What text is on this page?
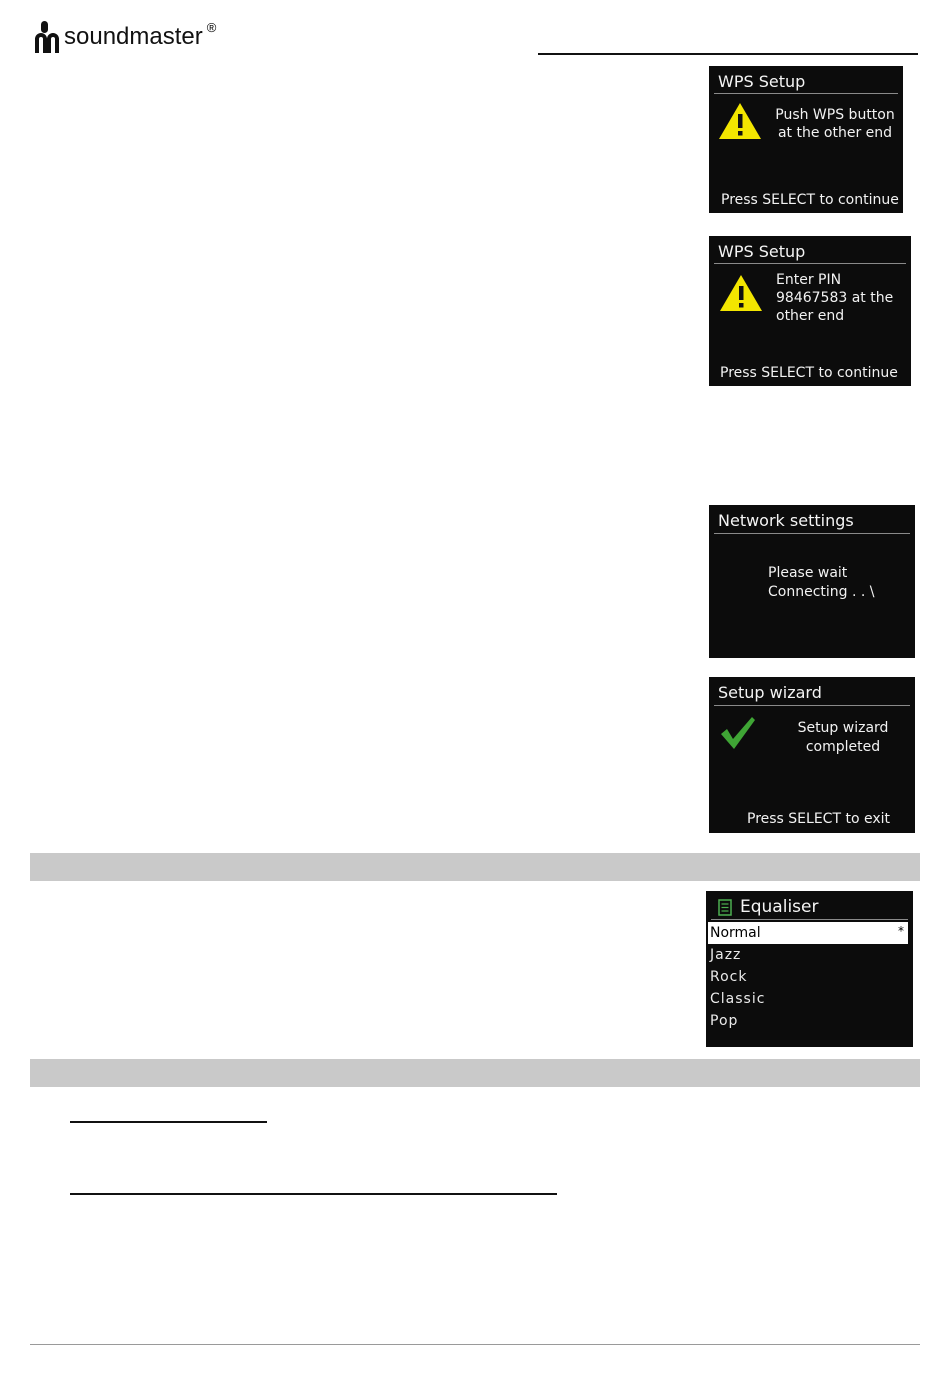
soundmaster ®
WPS Setup
Push WPS button
at the other end
Press SELECT to continue
WPS Setup
Enter PIN
98467583 at the
other end
Press SELECT to continue
Network settings
Please wait
Connecting . . \
Setup wizard
Setup wizard
completed
Press SELECT to exit
Equaliser
Normal	*
Jazz
Rock
Classic
Pop
